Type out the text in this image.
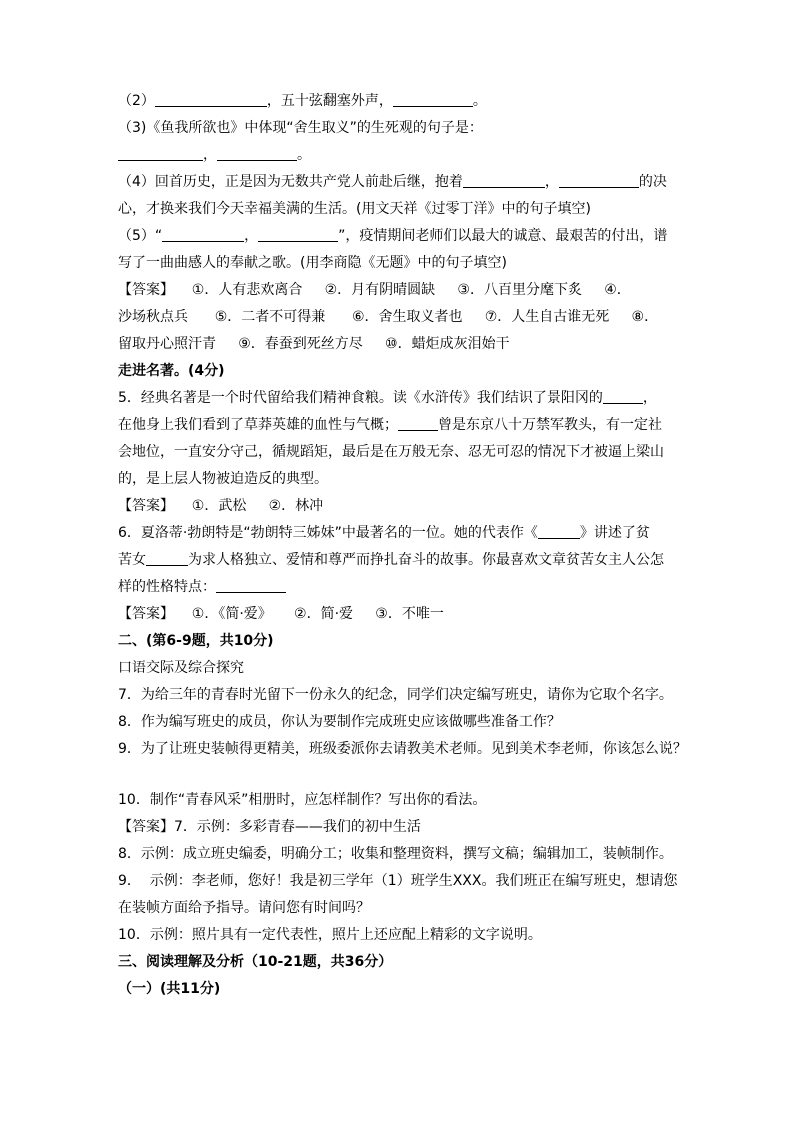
（2）	，五十弦翻塞外声，	。
（3)《鱼我所欲也》中体现“舍生取义”的生死观的句子是：
，	。
（4）回首历史，正是因为无数共产党人前赴后继，抱着	，	的决
心，才换来我们今天幸福美满的生活。(用文天祥《过零丁洋》中的句子填空)
（5）“	，	”，疫情期间老师们以最大的诚意、最艰苦的付出，谱
写了一曲曲感人的奉献之歌。(用李商隐《无题》中的句子填空)
【答案】    ①．人有悲欢离合     ②．月有阴晴圆缺     ③．八百里分麾下炙     ④．
沙场秋点兵      ⑤．二者不可得兼      ⑥．舍生取义者也     ⑦．人生自古谁无死     ⑧．
留取丹心照汗青     ⑨．春蚕到死丝方尽     ⑩．蜡炬成灰泪始干
走进名著。(4分)
5．经典名著是一个时代留给我们精神食粮。读《水浒传》我们结识了景阳冈的	，
在他身上我们看到了草莽英雄的血性与气概；	曾是东京八十万禁军教头，有一定社
会地位，一直安分守己，循规蹈矩，最后是在万般无奈、忍无可忍的情况下才被逼上梁山
的，是上层人物被迫造反的典型。
【答案】    ①．武松     ②．林冲
6．夏洛蒂·勃朗特是“勃朗特三姊妹”中最著名的一位。她的代表作《	》讲述了贫
苦女	为求人格独立、爱情和尊严而挣扎奋斗的故事。你最喜欢文章贫苦女主人公怎
样的性格特点：
【答案】    ①．《简·爱》     ②．简·爱     ③．不唯一
二、(第6-9题，共10分)
口语交际及综合探究
7．为给三年的青春时光留下一份永久的纪念，同学们决定编写班史，请你为它取个名字。
8．作为编写班史的成员，你认为要制作完成班史应该做哪些准备工作？
9．为了让班史装帧得更精美，班级委派你去请教美术老师。见到美术李老师，你该怎么说？
10．制作“青春风采”相册时，应怎样制作？写出你的看法。
【答案】7．示例：多彩青春——我们的初中生活
8．示例：成立班史编委，明确分工；收集和整理资料，撰写文稿；编辑加工，装帧制作。
9．  示例：李老师，您好！我是初三学年（1）班学生XXX。我们班正在编写班史，想请您
在装帧方面给予指导。请问您有时间吗？
10．示例：照片具有一定代表性，照片上还应配上精彩的文字说明。
三、阅读理解及分析（10-21题，共36分）
（一）(共11分)
